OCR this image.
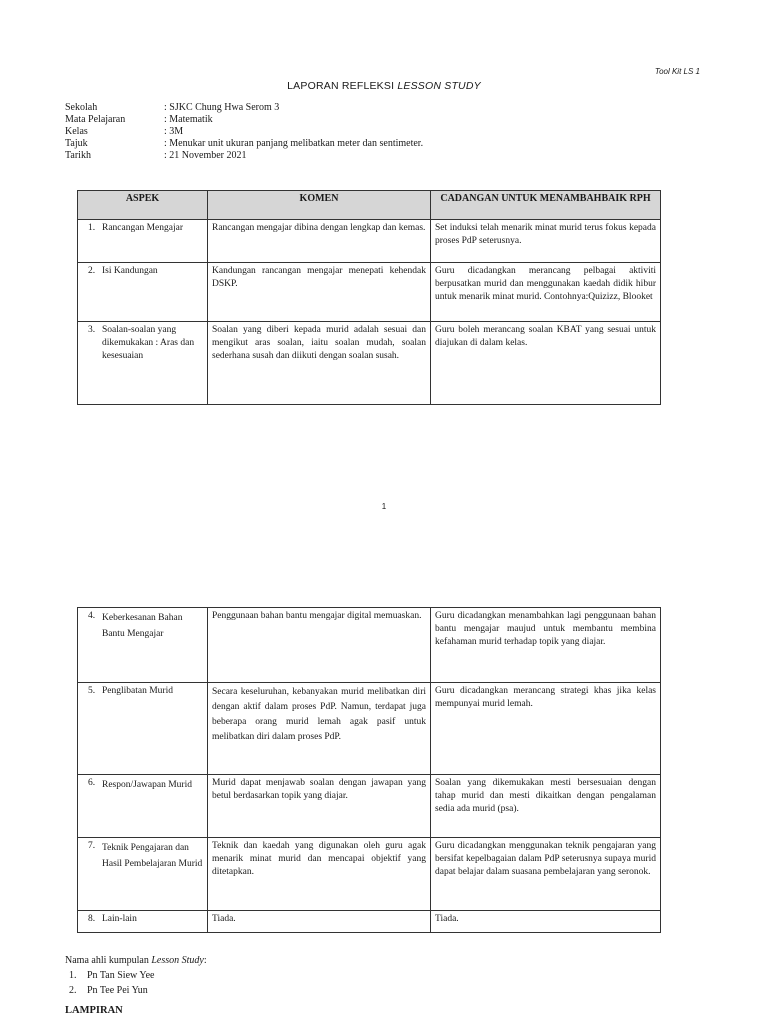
Tool Kit LS 1
LAPORAN REFLEKSI LESSON STUDY
Sekolah	: SJKC Chung Hwa Serom 3
Mata Pelajaran	: Matematik
Kelas	: 3M
Tajuk	: Menukar unit ukuran panjang melibatkan meter dan sentimeter.
Tarikh	: 21 November 2021
ASPEK	KOMEN	CADANGAN UNTUK MENAMBAHBAIK RPH

1. Rancangan Mengajar	Rancangan mengajar dibina dengan lengkap dan kemas.	Set induksi telah menarik minat murid terus fokus kepada proses PdP seterusnya.

2. Isi Kandungan	Kandungan rancangan mengajar menepati kehendak DSKP.	Guru dicadangkan merancang pelbagai aktiviti berpusatkan murid dan menggunakan kaedah didik hibur untuk menarik minat murid. Contohnya:Quizizz, Blooket

3. Soalan-soalan yang dikemukakan : Aras dan kesesuaian	Soalan yang diberi kepada murid adalah sesuai dan mengikut aras soalan, iaitu soalan mudah, soalan sederhana susah dan diikuti dengan soalan susah.	Guru boleh merancang soalan KBAT yang sesuai untuk diajukan di dalam kelas.
1
4. Keberkesanan Bahan Bantu Mengajar	Penggunaan bahan bantu mengajar digital memuaskan.	Guru dicadangkan menambahkan lagi penggunaan bahan bantu mengajar maujud untuk membantu membina kefahaman murid terhadap topik yang diajar.

5. Penglibatan Murid	Secara keseluruhan, kebanyakan murid melibatkan diri dengan aktif dalam proses PdP. Namun, terdapat juga beberapa orang murid lemah agak pasif untuk melibatkan diri dalam proses PdP.	Guru dicadangkan merancang strategi khas jika kelas mempunyai murid lemah.

6. Respon/Jawapan Murid	Murid dapat menjawab soalan dengan jawapan yang betul berdasarkan topik yang diajar.	Soalan yang dikemukakan mesti bersesuaian dengan tahap murid dan mesti dikaitkan dengan pengalaman sedia ada murid (psa).

7. Teknik Pengajaran dan Hasil Pembelajaran Murid	Teknik dan kaedah yang digunakan oleh guru agak menarik minat murid dan mencapai objektif yang ditetapkan.	Guru dicadangkan menggunakan teknik pengajaran yang bersifat kepelbagaian dalam PdP seterusnya supaya murid dapat belajar dalam suasana pembelajaran yang seronok.

8. Lain-lain	Tiada.	Tiada.
Nama ahli kumpulan Lesson Study:
1.	Pn Tan Siew Yee
2.	Pn Tee Pei Yun
LAMPIRAN
